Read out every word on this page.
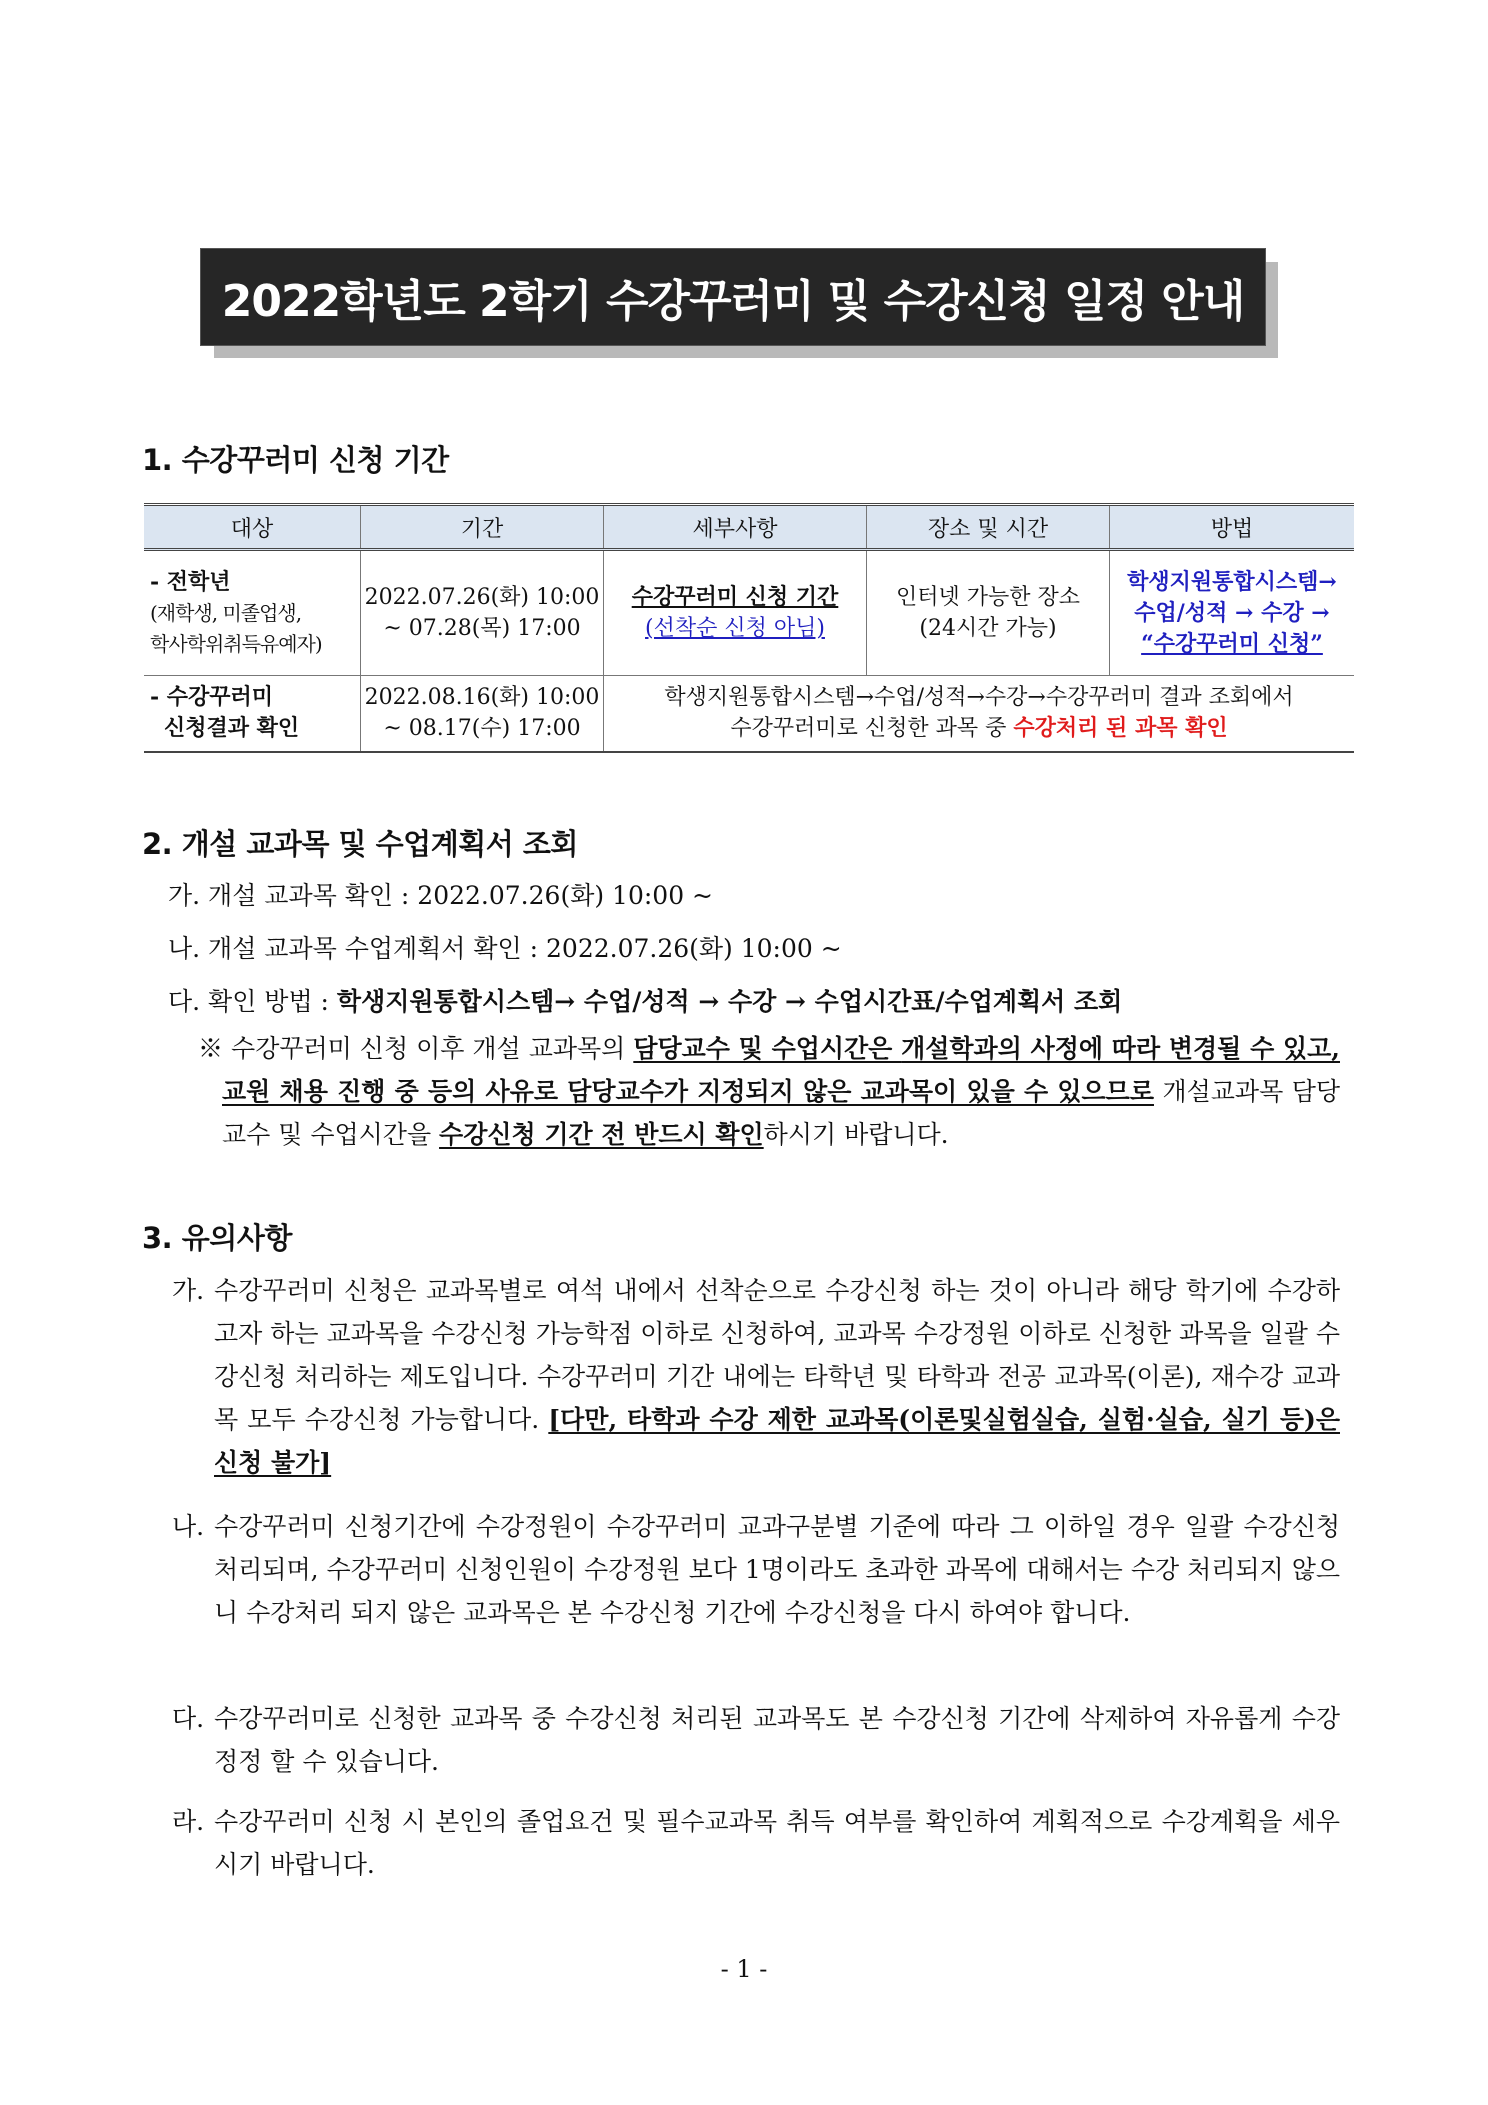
2022학년도 2학기 수강꾸러미 및 수강신청 일정 안내
1. 수강꾸러미 신청 기간
대상	기간	세부사항	장소 및 시간	방법

- 전학년
(재학생, 미졸업생,
학사학위취득유예자)	2022.07.26(화) 10:00
~ 07.28(목) 17:00	수강꾸러미 신청 기간
(선착순 신청 아님)	인터넷 가능한 장소
(24시간 가능)	학생지원통합시스템→
수업/성적 → 수강 →
“수강꾸러미 신청”

- 수강꾸러미
신청결과 확인	2022.08.16(화) 10:00
~ 08.17(수) 17:00	학생지원통합시스템→수업/성적→수강→수강꾸러미 결과 조회에서
수강꾸러미로 신청한 과목 중 수강처리 된 과목 확인		
2. 개설 교과목 및 수업계획서 조회
가. 개설 교과목 확인 : 2022.07.26(화) 10:00 ~
나. 개설 교과목 수업계획서 확인 : 2022.07.26(화) 10:00 ~
다. 확인 방법 : 학생지원통합시스템→ 수업/성적 → 수강 → 수업시간표/수업계획서 조회
※ 수강꾸러미 신청 이후 개설 교과목의 담당교수 및 수업시간은 개설학과의 사정에 따라 변경될 수 있고, 교원 채용 진행 중 등의 사유로 담당교수가 지정되지 않은 교과목이 있을 수 있으므로 개설교과목 담당교수 및 수업시간을 수강신청 기간 전 반드시 확인하시기 바랍니다.
3. 유의사항
가. 수강꾸러미 신청은 교과목별로 여석 내에서 선착순으로 수강신청 하는 것이 아니라 해당 학기에 수강하고자 하는 교과목을 수강신청 가능학점 이하로 신청하여, 교과목 수강정원 이하로 신청한 과목을 일괄 수강신청 처리하는 제도입니다. 수강꾸러미 기간 내에는 타학년 및 타학과 전공 교과목(이론), 재수강 교과목 모두 수강신청 가능합니다. [다만, 타학과 수강 제한 교과목(이론및실험실습, 실험·실습, 실기 등)은 신청 불가]
나. 수강꾸러미 신청기간에 수강정원이 수강꾸러미 교과구분별 기준에 따라 그 이하일 경우 일괄 수강신청 처리되며, 수강꾸러미 신청인원이 수강정원 보다 1명이라도 초과한 과목에 대해서는 수강 처리되지 않으니 수강처리 되지 않은 교과목은 본 수강신청 기간에 수강신청을 다시 하여야 합니다.
다. 수강꾸러미로 신청한 교과목 중 수강신청 처리된 교과목도 본 수강신청 기간에 삭제하여 자유롭게 수강정정 할 수 있습니다.
라. 수강꾸러미 신청 시 본인의 졸업요건 및 필수교과목 취득 여부를 확인하여 계획적으로 수강계획을 세우시기 바랍니다.
- 1 -
